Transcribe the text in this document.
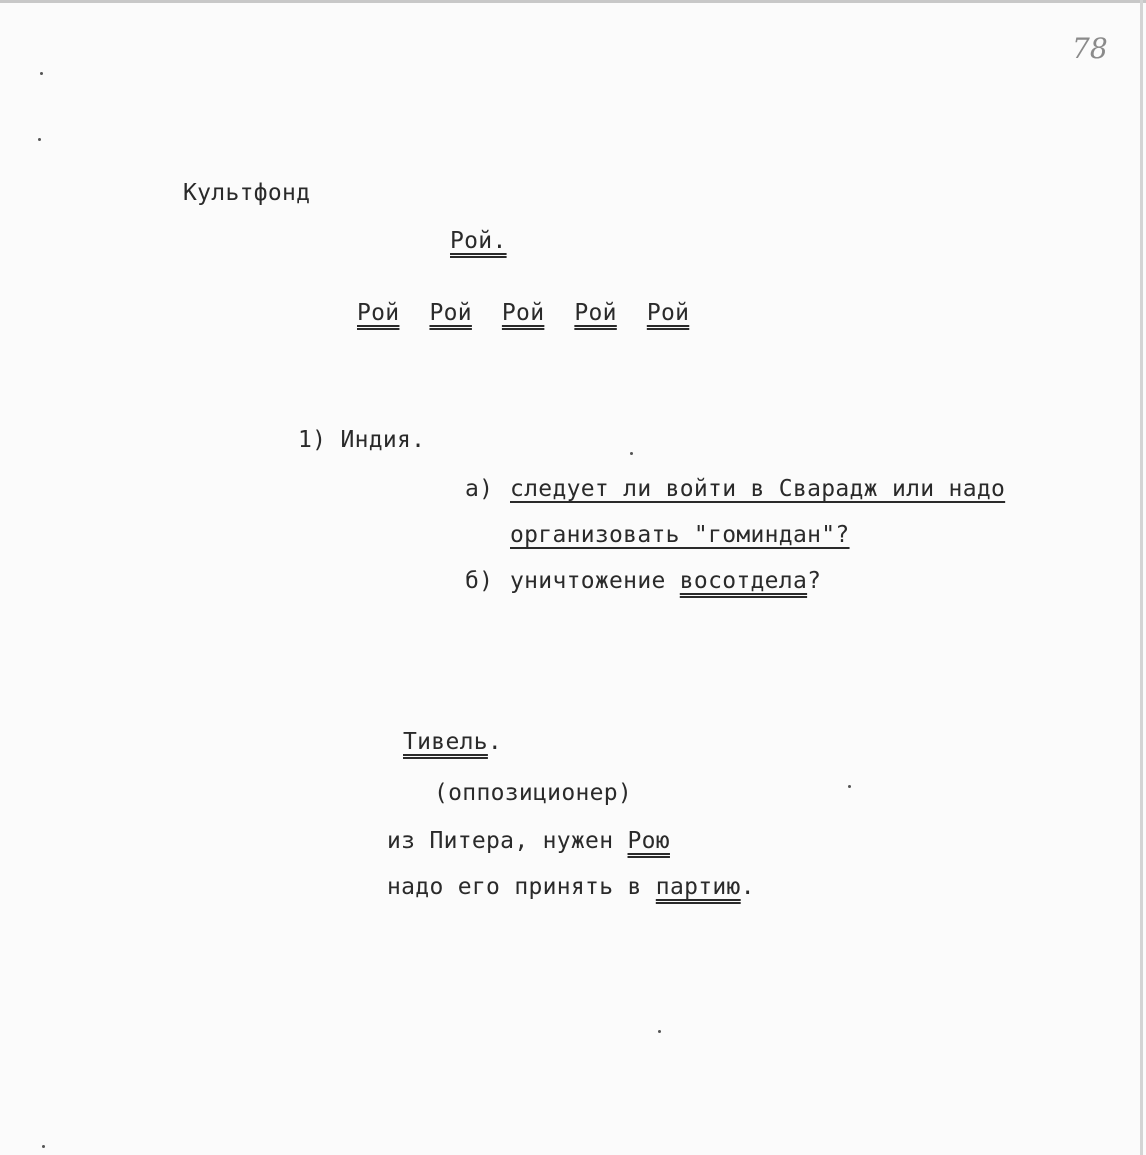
78
Культфонд
Рой.
Рой Рой Рой Рой Рой
1) Индия.
а) следует ли войти в Сварадж или надо
организовать "гоминдан"?
б) уничтожение восотдела?
Тивель.
(оппозиционер)
из Питера, нужен Рою
надо его принять в партию.
